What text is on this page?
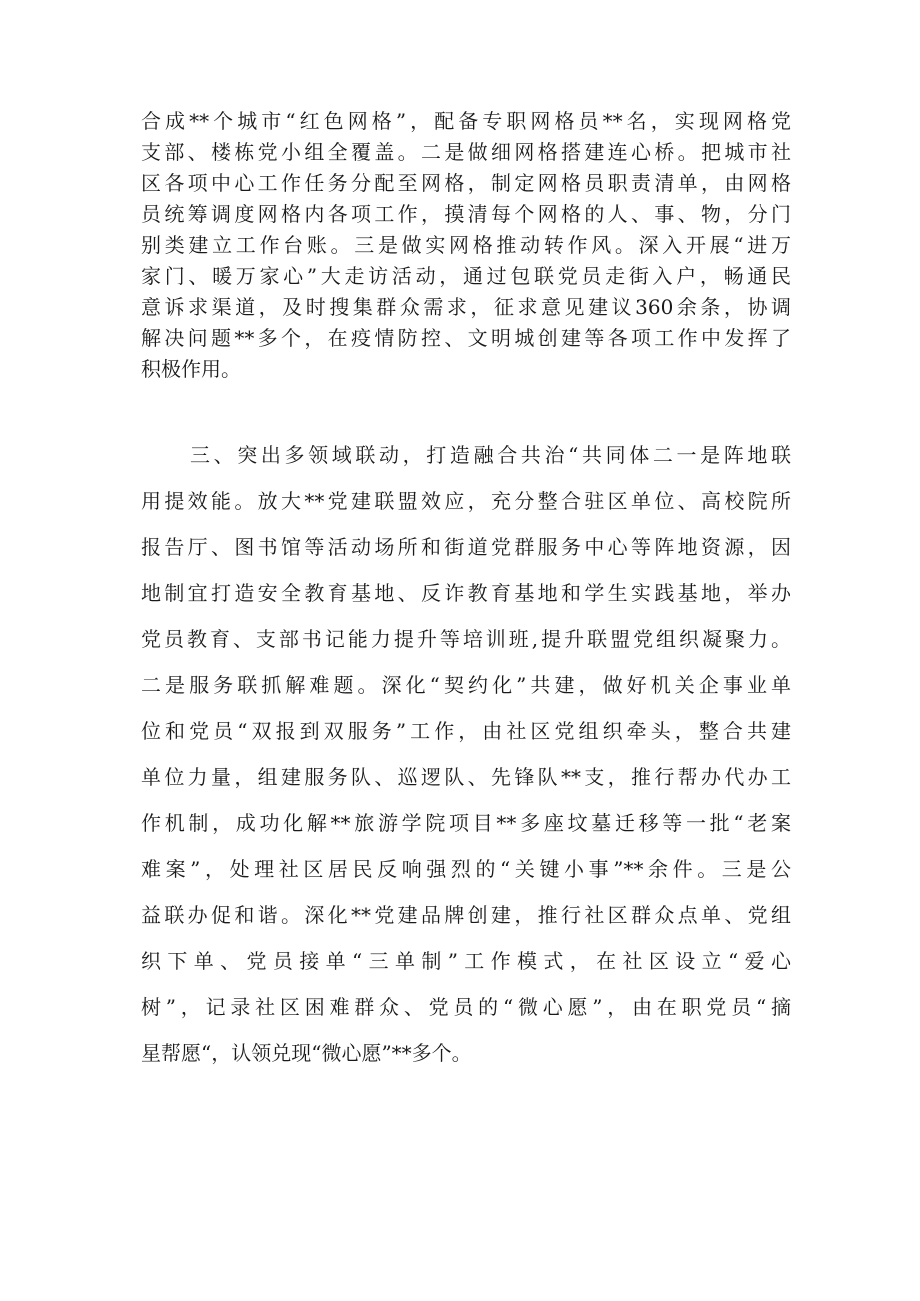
合成**个城市“红色网格”，配备专职网格员**名，实现网格党
支部、楼栋党小组全覆盖。二是做细网格搭建连心桥。把城市社
区各项中心工作任务分配至网格，制定网格员职责清单，由网格
员统筹调度网格内各项工作，摸清每个网格的人、事、物，分门
别类建立工作台账。三是做实网格推动转作风。深入开展“进万
家门、暖万家心”大走访活动，通过包联党员走街入户，畅通民
意诉求渠道，及时搜集群众需求，征求意见建议360余条，协调
解决问题**多个，在疫情防控、文明城创建等各项工作中发挥了
积极作用。
三、突出多领域联动，打造融合共治“共同体二一是阵地联
用提效能。放大**党建联盟效应，充分整合驻区单位、高校院所
报告厅、图书馆等活动场所和街道党群服务中心等阵地资源，因
地制宜打造安全教育基地、反诈教育基地和学生实践基地，举办
党员教育、支部书记能力提升等培训班,提升联盟党组织凝聚力。
二是服务联抓解难题。深化“契约化”共建，做好机关企事业单
位和党员“双报到双服务”工作，由社区党组织牵头，整合共建
单位力量，组建服务队、巡逻队、先锋队**支，推行帮办代办工
作机制，成功化解**旅游学院项目**多座坟墓迁移等一批“老案
难案”，处理社区居民反响强烈的“关键小事”**余件。三是公
益联办促和谐。深化**党建品牌创建，推行社区群众点单、党组
织下单、党员接单“三单制”工作模式，在社区设立“爱心
树”，记录社区困难群众、党员的“微心愿”，由在职党员“摘
星帮愿“，认领兑现“微心愿”**多个。
